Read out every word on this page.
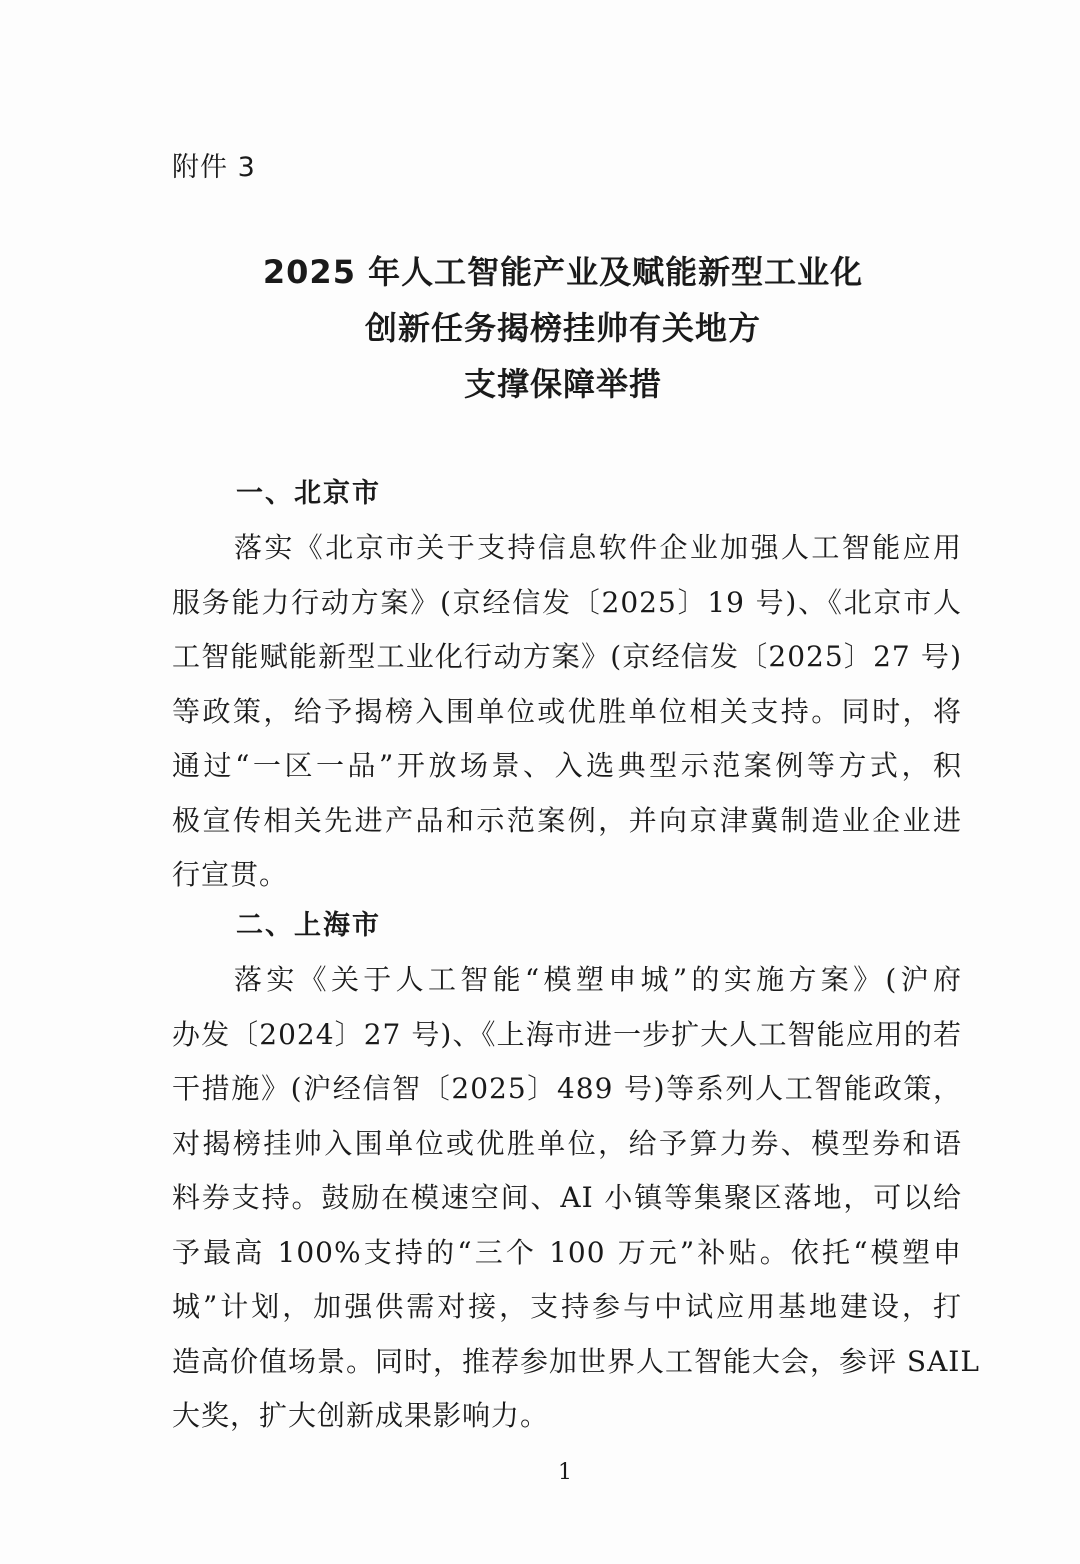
附件 3
2025 年人工智能产业及赋能新型工业化
创新任务揭榜挂帅有关地方
支撑保障举措
一、北京市
落实《北京市关于支持信息软件企业加强人工智能应用
服务能力行动方案》(京经信发〔2025〕19 号)、《北京市人
工智能赋能新型工业化行动方案》(京经信发〔2025〕27 号)
等政策，给予揭榜入围单位或优胜单位相关支持。同时，将
通过“一区一品”开放场景、入选典型示范案例等方式，积
极宣传相关先进产品和示范案例，并向京津冀制造业企业进
行宣贯。
二、上海市
落实《关于人工智能“模塑申城”的实施方案》(沪府
办发〔2024〕27 号)、《上海市进一步扩大人工智能应用的若
干措施》(沪经信智〔2025〕489 号)等系列人工智能政策，
对揭榜挂帅入围单位或优胜单位，给予算力券、模型券和语
料券支持。鼓励在模速空间、AI 小镇等集聚区落地，可以给
予最高 100%支持的“三个 100 万元”补贴。依托“模塑申
城”计划，加强供需对接，支持参与中试应用基地建设，打
造高价值场景。同时，推荐参加世界人工智能大会，参评 SAIL
大奖，扩大创新成果影响力。
1
